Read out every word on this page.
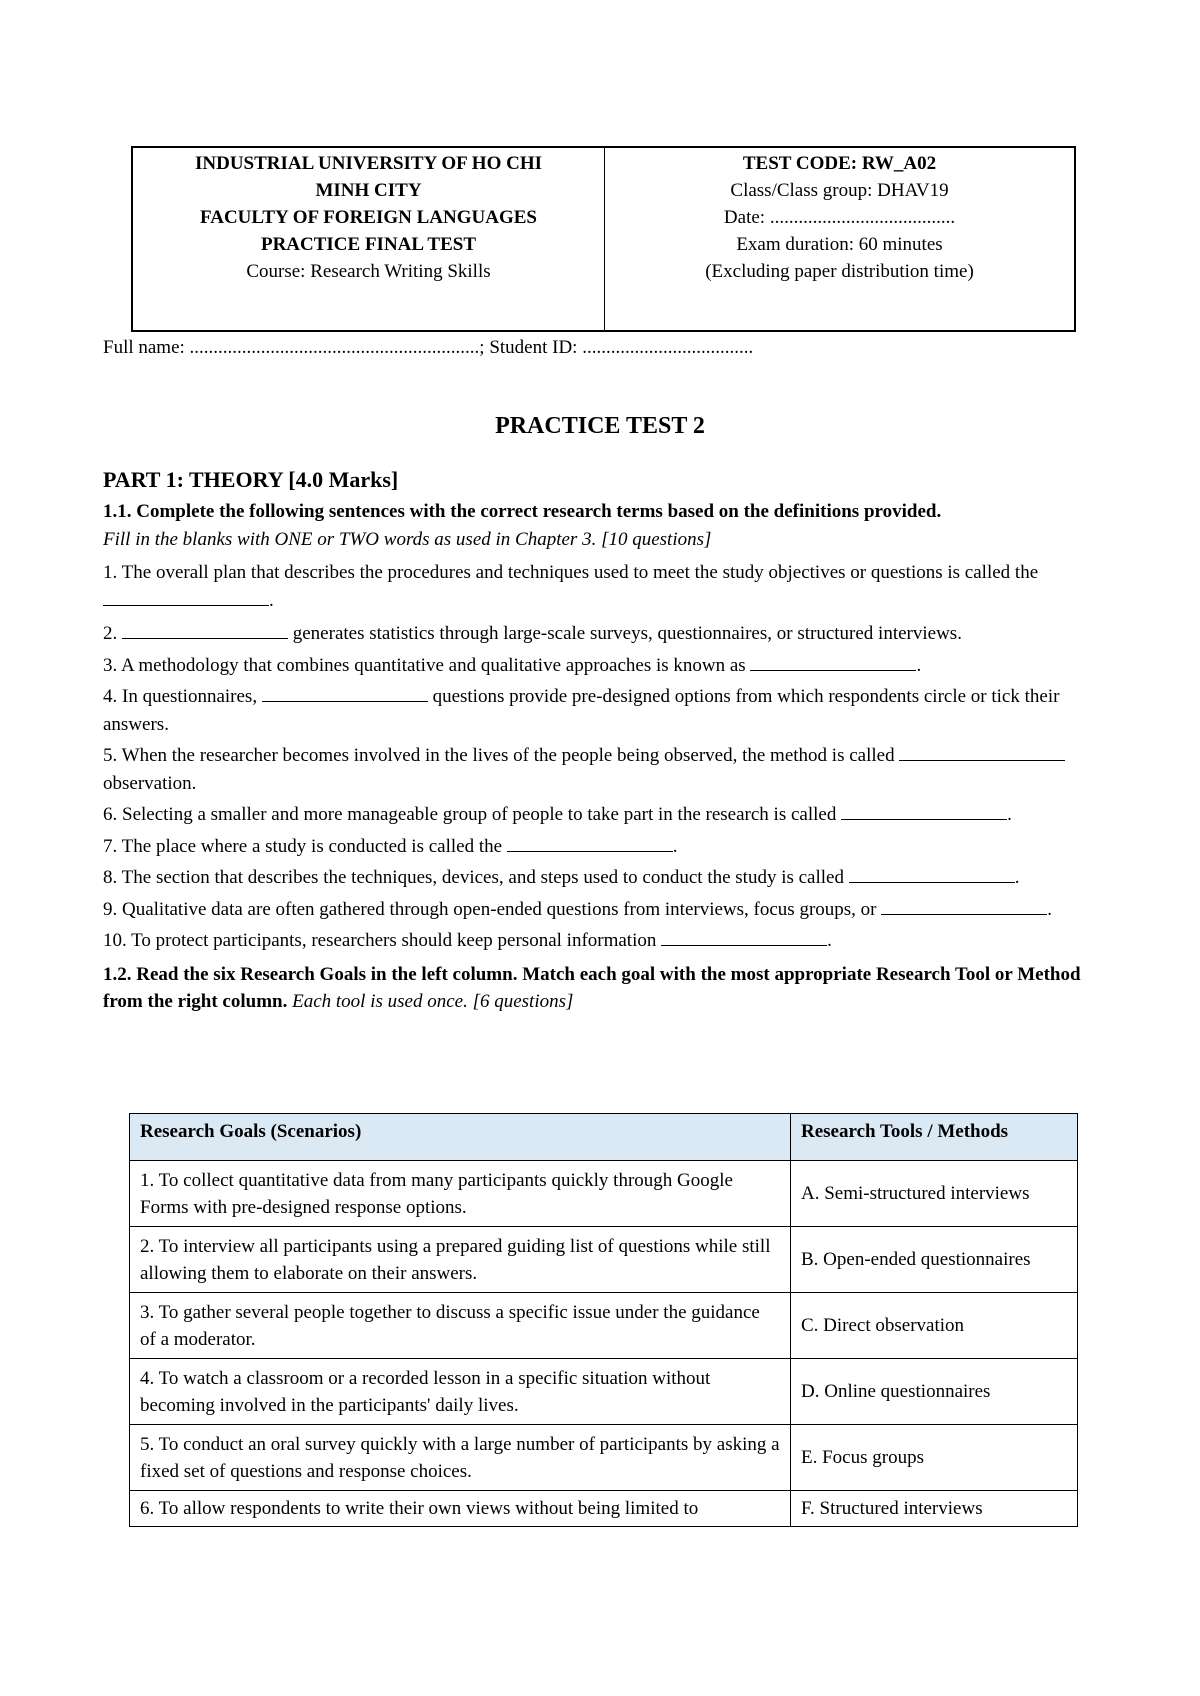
INDUSTRIAL UNIVERSITY OF HO CHI MINH CITY
FACULTY OF FOREIGN LANGUAGES
PRACTICE FINAL TEST
Course: Research Writing Skills
TEST CODE: RW_A02
Class/Class group: DHAV19
Date: .......................................
Exam duration: 60 minutes
(Excluding paper distribution time)
Full name: .............................................................; Student ID: ....................................
PRACTICE TEST 2
PART 1: THEORY [4.0 Marks]

1.1. Complete the following sentences with the correct research terms based on the definitions provided.

Fill in the blanks with ONE or TWO words as used in Chapter 3. [10 questions]

1. The overall plan that describes the procedures and techniques used to meet the study objectives or questions is called the .

2.	generates statistics through large-scale surveys, questionnaires, or structured interviews.

3. A methodology that combines quantitative and qualitative approaches is known as	.

4. In questionnaires,	questions provide pre-designed options from which respondents circle or tick their answers.

5. When the researcher becomes involved in the lives of the people being observed, the method is called  observation.

6. Selecting a smaller and more manageable group of people to take part in the research is called	.

7. The place where a study is conducted is called the	.

8. The section that describes the techniques, devices, and steps used to conduct the study is called	.

9. Qualitative data are often gathered through open-ended questions from interviews, focus groups, or	.

10. To protect participants, researchers should keep personal information	.

1.2. Read the six Research Goals in the left column. Match each goal with the most appropriate Research Tool or Method from the right column. Each tool is used once. [6 questions]

Research Goals (Scenarios)	Research Tools / Methods
1. To collect quantitative data from many participants quickly through Google Forms with pre-designed response options.	A. Semi-structured interviews
2. To interview all participants using a prepared guiding list of questions while still allowing them to elaborate on their answers.	B. Open-ended questionnaires
3. To gather several people together to discuss a specific issue under the guidance of a moderator.	C. Direct observation
4. To watch a classroom or a recorded lesson in a specific situation without becoming involved in the participants' daily lives.	D. Online questionnaires
5. To conduct an oral survey quickly with a large number of participants by asking a fixed set of questions and response choices.	E. Focus groups
6. To allow respondents to write their own views without being limited to	F. Structured interviews
